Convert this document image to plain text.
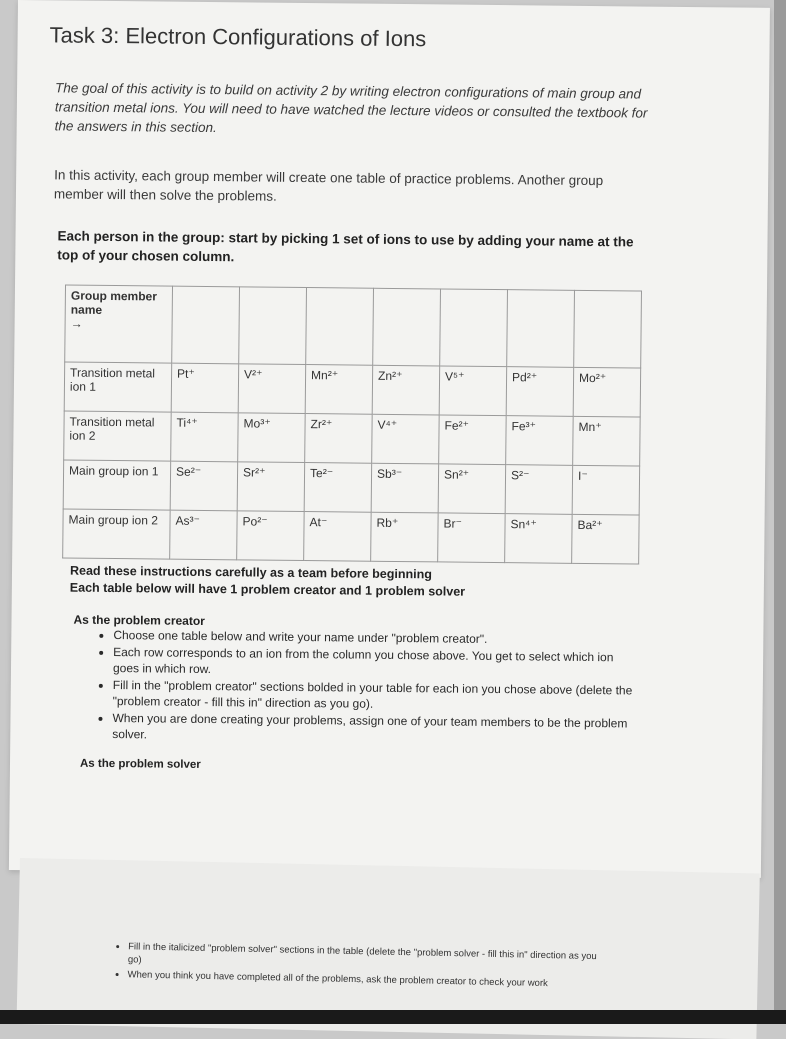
Task 3: Electron Configurations of Ions
The goal of this activity is to build on activity 2 by writing electron configurations of main group and transition metal ions. You will need to have watched the lecture videos or consulted the textbook for the answers in this section.
In this activity, each group member will create one table of practice problems. Another group member will then solve the problems.
Each person in the group: start by picking 1 set of ions to use by adding your name at the top of your chosen column.
Group member name
→							
Transition metal ion 1	Pt⁺	V²⁺	Mn²⁺	Zn²⁺	V⁵⁺	Pd²⁺	Mo²⁺
Transition metal ion 2	Ti⁴⁺	Mo³⁺	Zr²⁺	V⁴⁺	Fe²⁺	Fe³⁺	Mn⁺
Main group ion 1	Se²⁻	Sr²⁺	Te²⁻	Sb³⁻	Sn²⁺	S²⁻	I⁻
Main group ion 2	As³⁻	Po²⁻	At⁻	Rb⁺	Br⁻	Sn⁴⁺	Ba²⁺
Read these instructions carefully as a team before beginning
Each table below will have 1 problem creator and 1 problem solver
As the problem creator
• Choose one table below and write your name under "problem creator".
• Each row corresponds to an ion from the column you chose above. You get to select which ion goes in which row.
• Fill in the "problem creator" sections bolded in your table for each ion you chose above (delete the "problem creator - fill this in" direction as you go).
• When you are done creating your problems, assign one of your team members to be the problem solver.
As the problem solver
• Fill in the italicized "problem solver" sections in the table (delete the "problem solver - fill this in" direction as you go)
• When you think you have completed all of the problems, ask the problem creator to check your work
